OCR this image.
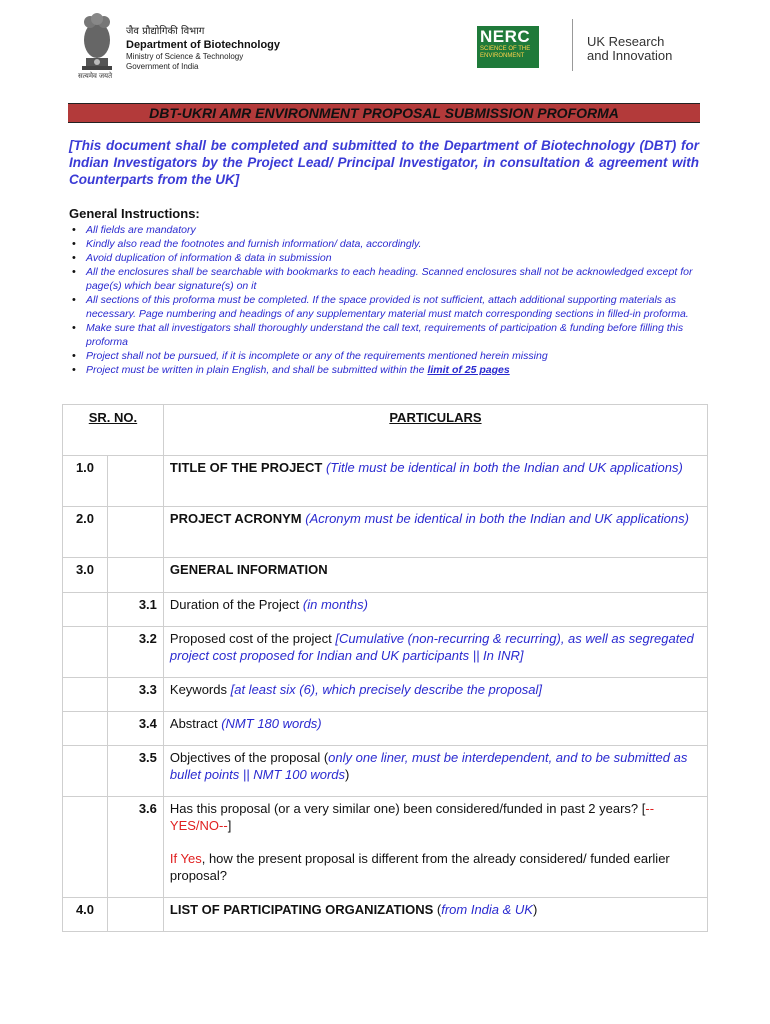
सत्यमेव जयते
जैव प्रौद्योगिकी विभाग
Department of Biotechnology
Ministry of Science & Technology
Government of India
NERC
SCIENCE OF THE
ENVIRONMENT
UK Research
and Innovation
DBT-UKRI AMR ENVIRONMENT PROPOSAL SUBMISSION PROFORMA
[This document shall be completed and submitted to the Department of Biotechnology (DBT) for Indian Investigators by the Project Lead/ Principal Investigator, in consultation & agreement with Counterparts from the UK]
General Instructions:
• All fields are mandatory
• Kindly also read the footnotes and furnish information/ data, accordingly.
• Avoid duplication of information & data in submission
• All the enclosures shall be searchable with bookmarks to each heading. Scanned enclosures shall not be acknowledged except for page(s) which bear signature(s) on it
• All sections of this proforma must be completed. If the space provided is not sufficient, attach additional supporting materials as necessary. Page numbering and headings of any supplementary material must match corresponding sections in filled-in proforma.
• Make sure that all investigators shall thoroughly understand the call text, requirements of participation & funding before filling this proforma
• Project shall not be pursued, if it is incomplete or any of the requirements mentioned herein missing
• Project must be written in plain English, and shall be submitted within the limit of 25 pages
SR. NO.		PARTICULARS
1.0		TITLE OF THE PROJECT (Title must be identical in both the Indian and UK applications)
2.0		PROJECT ACRONYM (Acronym must be identical in both the Indian and UK applications)
3.0		GENERAL INFORMATION
	3.1	Duration of the Project (in months)
	3.2	Proposed cost of the project [Cumulative (non-recurring & recurring), as well as segregated project cost proposed for Indian and UK participants || In INR]
	3.3	Keywords [at least six (6), which precisely describe the proposal]
	3.4	Abstract (NMT 180 words)
	3.5	Objectives of the proposal (only one liner, must be interdependent, and to be submitted as bullet points || NMT 100 words)
	3.6	Has this proposal (or a very similar one) been considered/funded in past 2 years? [--YES/NO--]
If Yes, how the present proposal is different from the already considered/ funded earlier proposal?

4.0		LIST OF PARTICIPATING ORGANIZATIONS (from India & UK)
